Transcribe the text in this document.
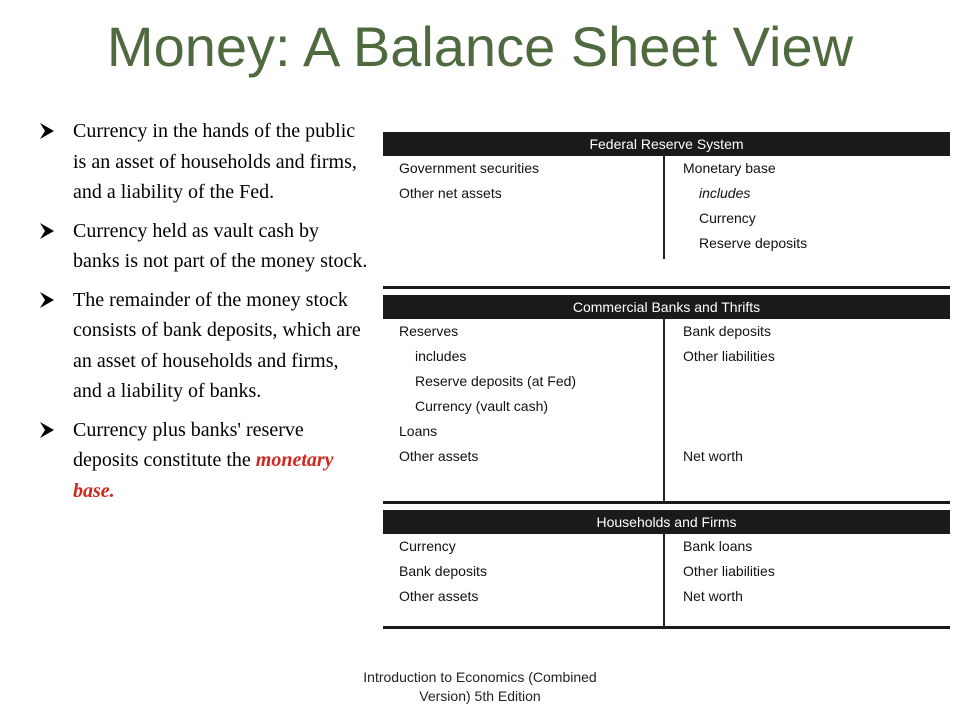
Money: A Balance Sheet View
Currency in the hands of the public is an asset of households and firms, and a liability of the Fed.
Currency held as vault cash by banks is not part of the money stock.
The remainder of the money stock consists of bank deposits, which are an asset of households and firms, and a liability of banks.
Currency plus banks' reserve deposits constitute the monetary base.
Federal Reserve System
Government securities
Other net assets
Monetary base
includes
Currency
Reserve deposits
Commercial Banks and Thrifts
Reserves
includes
Reserve deposits (at Fed)
Currency (vault cash)
Loans
Other assets
Bank deposits
Other liabilities
Net worth
Households and Firms
Currency
Bank deposits
Other assets
Bank loans
Other liabilities
Net worth
Introduction to Economics (Combined
Version) 5th Edition
